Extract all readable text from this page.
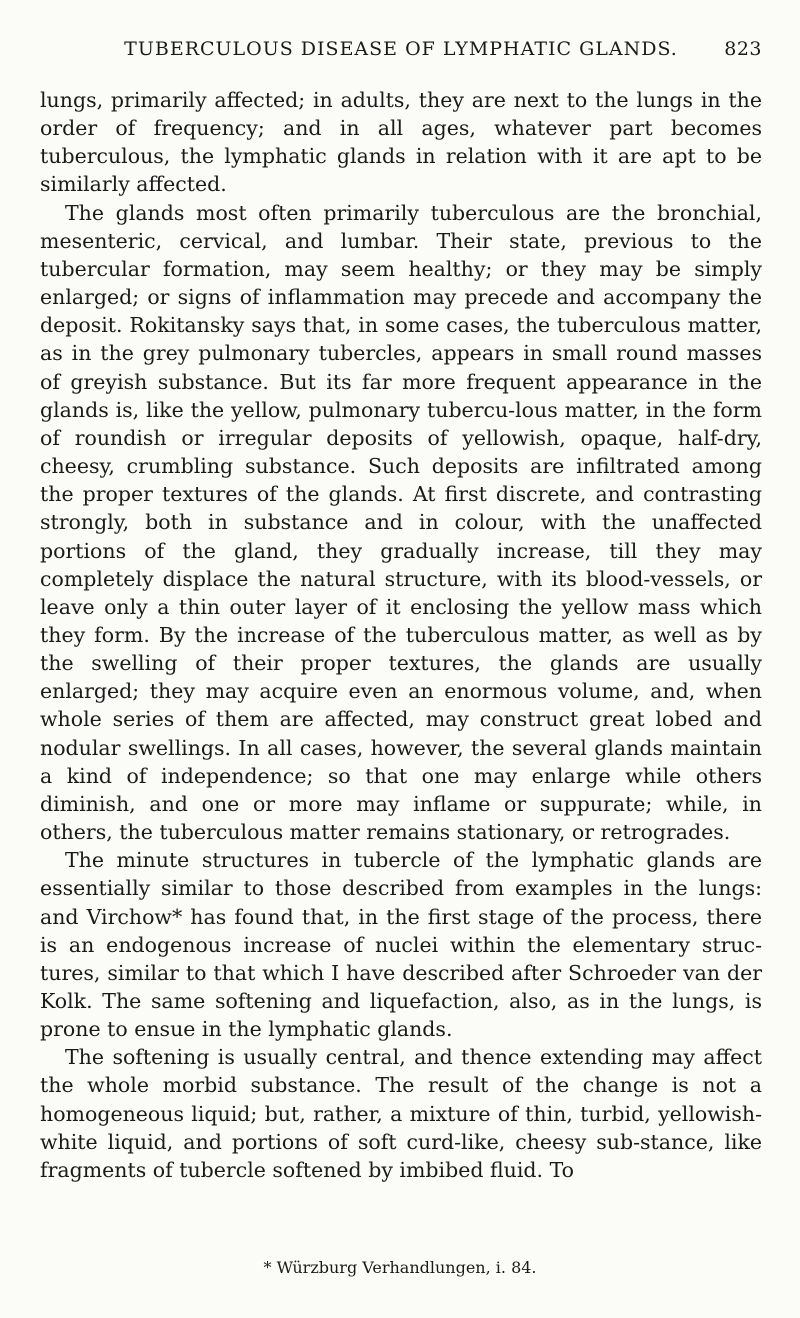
TUBERCULOUS DISEASE OF LYMPHATIC GLANDS.	823

lungs, primarily affected; in adults, they are next to the lungs in the order of frequency; and in all ages, whatever part becomes tuberculous, the lymphatic glands in relation with it are apt to be similarly affected.

The glands most often primarily tuberculous are the bronchial, mesenteric, cervical, and lumbar. Their state, previous to the tubercular formation, may seem healthy; or they may be simply enlarged; or signs of inflammation may precede and accompany the deposit. Rokitansky says that, in some cases, the tuberculous matter, as in the grey pulmonary tubercles, appears in small round masses of greyish substance. But its far more frequent appearance in the glands is, like the yellow, pulmonary tubercu-lous matter, in the form of roundish or irregular deposits of yellowish, opaque, half-dry, cheesy, crumbling substance. Such deposits are infiltrated among the proper textures of the glands. At first discrete, and contrasting strongly, both in substance and in colour, with the unaffected portions of the gland, they gradually increase, till they may completely displace the natural structure, with its blood-vessels, or leave only a thin outer layer of it enclosing the yellow mass which they form. By the increase of the tuberculous matter, as well as by the swelling of their proper textures, the glands are usually enlarged; they may acquire even an enormous volume, and, when whole series of them are affected, may construct great lobed and nodular swellings. In all cases, however, the several glands maintain a kind of independence; so that one may enlarge while others diminish, and one or more may inflame or suppurate; while, in others, the tuberculous matter remains stationary, or retrogrades.

The minute structures in tubercle of the lymphatic glands are essentially similar to those described from examples in the lungs: and Virchow* has found that, in the first stage of the process, there is an endogenous increase of nuclei within the elementary struc-tures, similar to that which I have described after Schroeder van der Kolk. The same softening and liquefaction, also, as in the lungs, is prone to ensue in the lymphatic glands.

The softening is usually central, and thence extending may affect the whole morbid substance. The result of the change is not a homogeneous liquid; but, rather, a mixture of thin, turbid, yellowish-white liquid, and portions of soft curd-like, cheesy sub-stance, like fragments of tubercle softened by imbibed fluid. To

* Würzburg Verhandlungen, i. 84.
